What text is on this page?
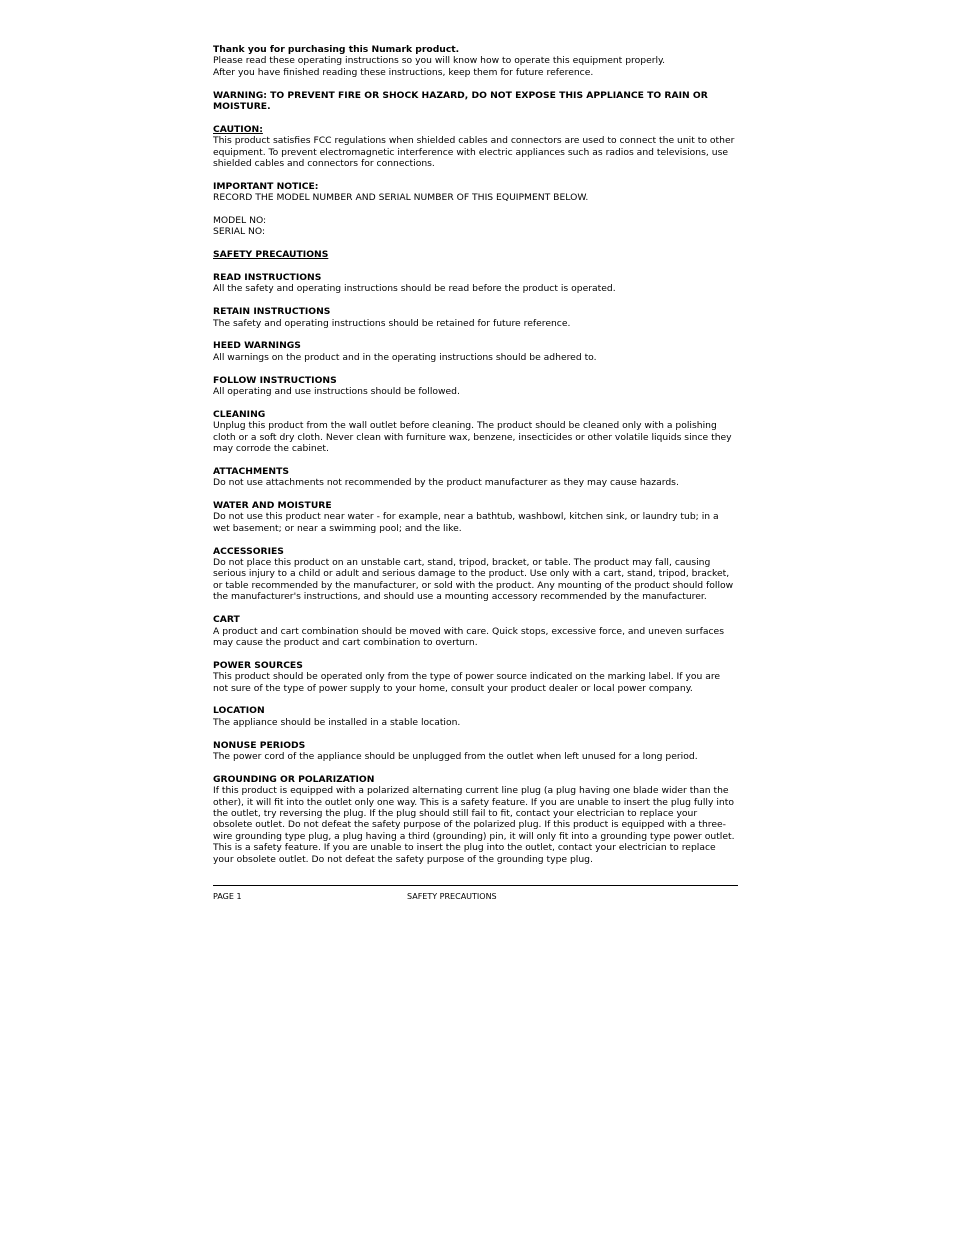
Thank you for purchasing this Numark product.
Please read these operating instructions so you will know how to operate this equipment properly.
After you have finished reading these instructions, keep them for future reference.
WARNING: TO PREVENT FIRE OR SHOCK HAZARD, DO NOT EXPOSE THIS APPLIANCE TO RAIN OR MOISTURE.
CAUTION:
This product satisfies FCC regulations when shielded cables and connectors are used to connect the unit to other equipment. To prevent electromagnetic interference with electric appliances such as radios and televisions, use shielded cables and connectors for connections.
IMPORTANT NOTICE:
RECORD THE MODEL NUMBER AND SERIAL NUMBER OF THIS EQUIPMENT BELOW.
MODEL NO:
SERIAL NO:
SAFETY PRECAUTIONS
READ INSTRUCTIONS
All the safety and operating instructions should be read before the product is operated.
RETAIN INSTRUCTIONS
The safety and operating instructions should be retained for future reference.
HEED WARNINGS
All warnings on the product and in the operating instructions should be adhered to.
FOLLOW INSTRUCTIONS
All operating and use instructions should be followed.
CLEANING
Unplug this product from the wall outlet before cleaning. The product should be cleaned only with a polishing cloth or a soft dry cloth. Never clean with furniture wax, benzene, insecticides or other volatile liquids since they may corrode the cabinet.
ATTACHMENTS
Do not use attachments not recommended by the product manufacturer as they may cause hazards.
WATER AND MOISTURE
Do not use this product near water - for example, near a bathtub, washbowl, kitchen sink, or laundry tub; in a wet basement; or near a swimming pool; and the like.
ACCESSORIES
Do not place this product on an unstable cart, stand, tripod, bracket, or table. The product may fall, causing serious injury to a child or adult and serious damage to the product. Use only with a cart, stand, tripod, bracket, or table recommended by the manufacturer, or sold with the product. Any mounting of the product should follow the manufacturer's instructions, and should use a mounting accessory recommended by the manufacturer.
CART
A product and cart combination should be moved with care. Quick stops, excessive force, and uneven surfaces may cause the product and cart combination to overturn.
POWER SOURCES
This product should be operated only from the type of power source indicated on the marking label. If you are not sure of the type of power supply to your home, consult your product dealer or local power company.
LOCATION
The appliance should be installed in a stable location.
NONUSE PERIODS
The power cord of the appliance should be unplugged from the outlet when left unused for a long period.
GROUNDING OR POLARIZATION
If this product is equipped with a polarized alternating current line plug (a plug having one blade wider than the other), it will fit into the outlet only one way. This is a safety feature. If you are unable to insert the plug fully into the outlet, try reversing the plug. If the plug should still fail to fit, contact your electrician to replace your obsolete outlet. Do not defeat the safety purpose of the polarized plug. If this product is equipped with a three-wire grounding type plug, a plug having a third (grounding) pin, it will only fit into a grounding type power outlet. This is a safety feature. If you are unable to insert the plug into the outlet, contact your electrician to replace your obsolete outlet. Do not defeat the safety purpose of the grounding type plug.
PAGE 1	SAFETY PRECAUTIONS
